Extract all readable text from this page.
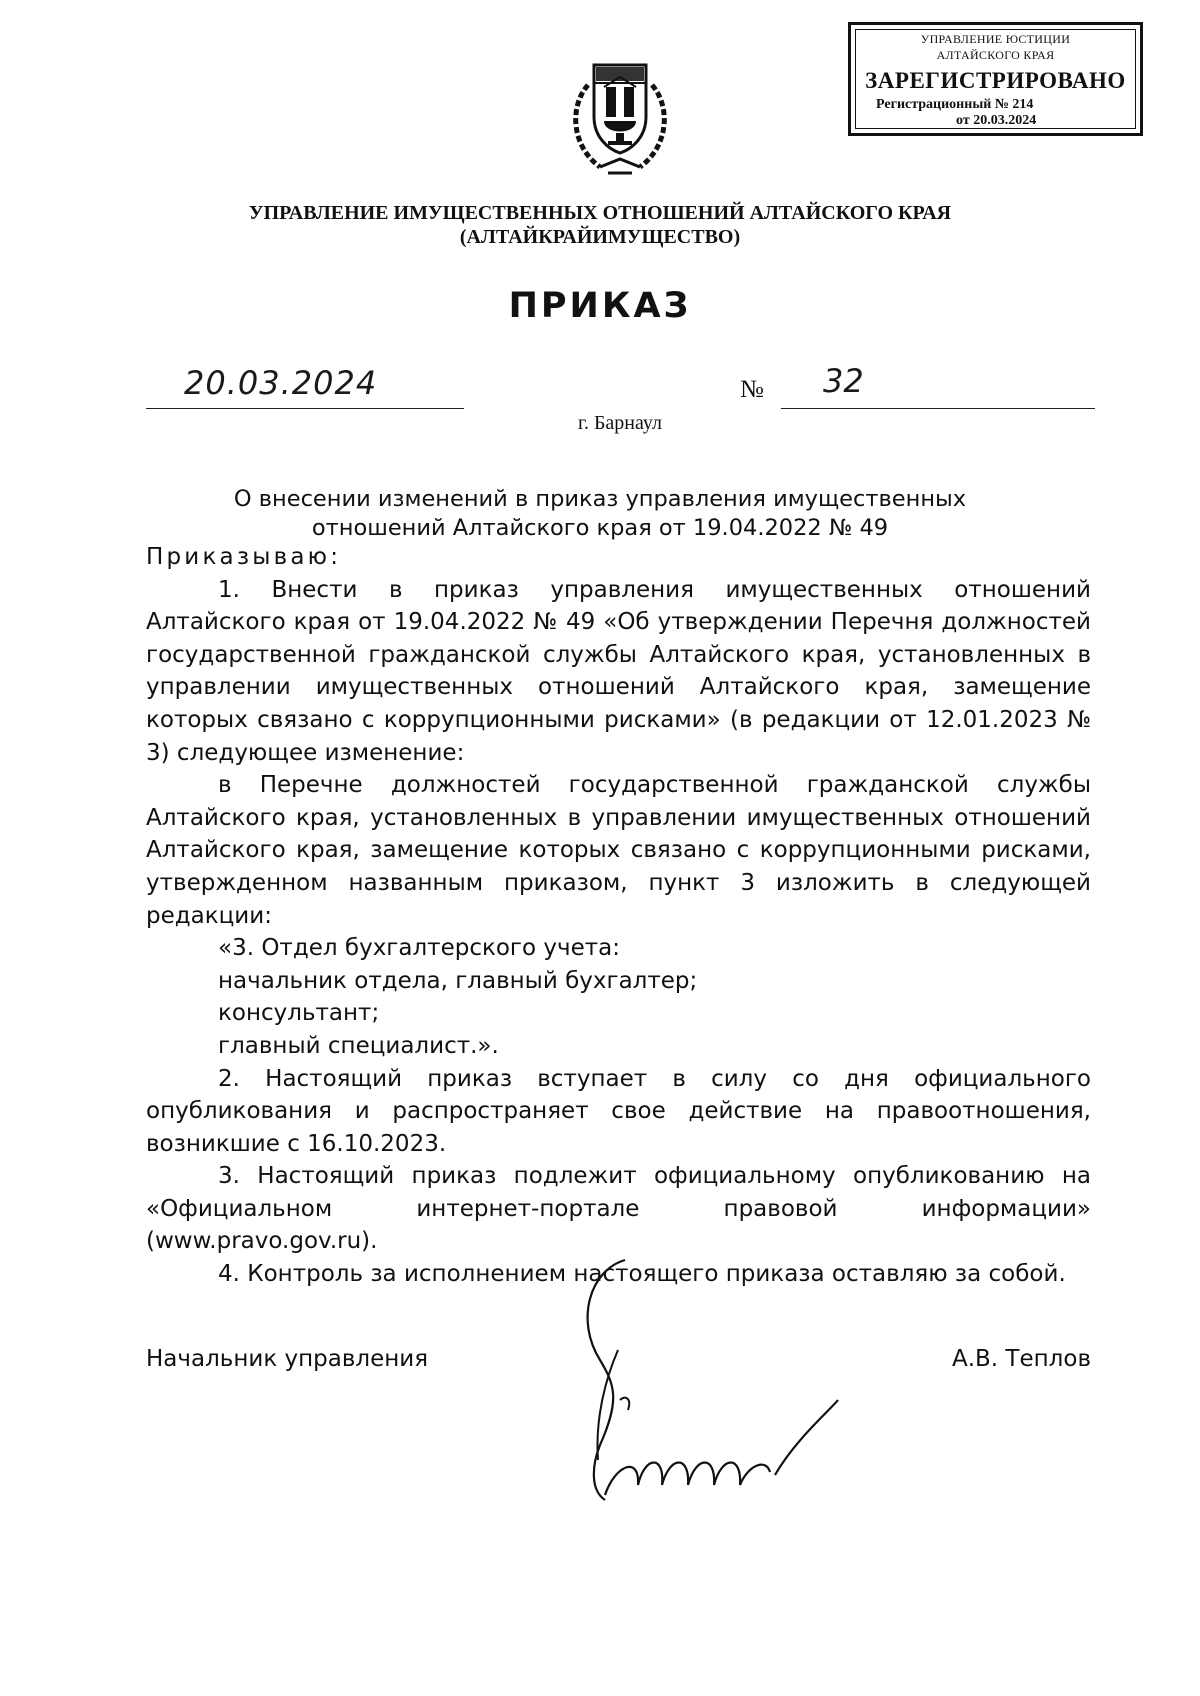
УПРАВЛЕНИЕ ЮСТИЦИИ
АЛТАЙСКОГО КРАЯ
ЗАРЕГИСТРИРОВАНО
Регистрационный № 214
от 20.03.2024
УПРАВЛЕНИЕ ИМУЩЕСТВЕННЫХ ОТНОШЕНИЙ АЛТАЙСКОГО КРАЯ
(АЛТАЙКРАЙИМУЩЕСТВО)
ПРИКАЗ
20.03.2024	№ 32
г. Барнаул
О внесении изменений в приказ управления имущественных
отношений Алтайского края от 19.04.2022 № 49

Приказываю:

1. Внести в приказ управления имущественных отношений Алтайского края от 19.04.2022 № 49 «Об утверждении Перечня должностей государственной гражданской службы Алтайского края, установленных в управлении имущественных отношений Алтайского края, замещение которых связано с коррупционными рисками» (в редакции от 12.01.2023 № 3) следующее изменение:

в Перечне должностей государственной гражданской службы Алтайского края, установленных в управлении имущественных отношений Алтайского края, замещение которых связано с коррупционными рисками, утвержденном названным приказом, пункт 3 изложить в следующей редакции:

«3. Отдел бухгалтерского учета:

начальник отдела, главный бухгалтер;

консультант;

главный специалист.».

2. Настоящий приказ вступает в силу со дня официального опубликования и распространяет свое действие на правоотношения, возникшие с 16.10.2023.

3. Настоящий приказ подлежит официальному опубликованию на «Официальном интернет-портале правовой информации» (www.pravo.gov.ru).

4. Контроль за исполнением настоящего приказа оставляю за собой.

Начальник управления	А.В. Теплов
